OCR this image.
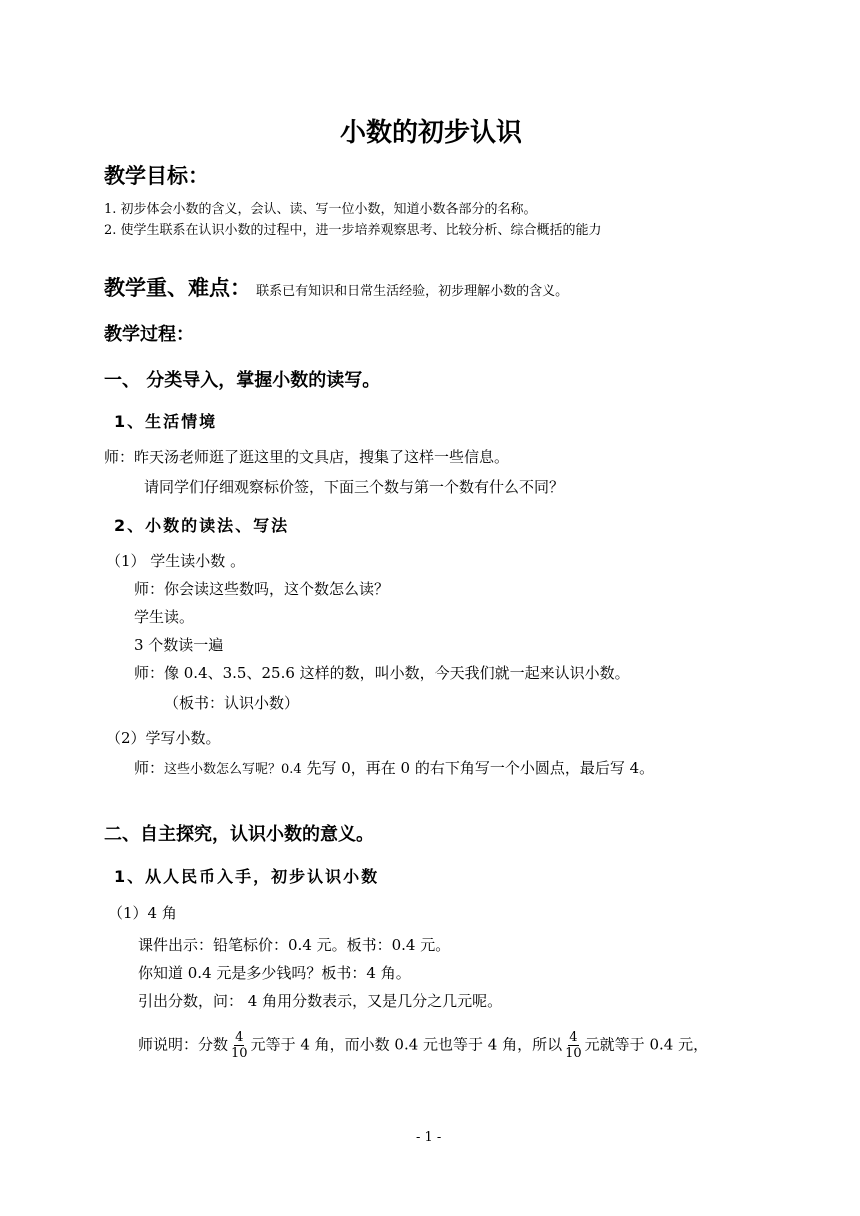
小数的初步认识
教学目标：
1. 初步体会小数的含义，会认、读、写一位小数，知道小数各部分的名称。
2. 使学生联系在认识小数的过程中，进一步培养观察思考、比较分析、综合概括的能力
教学重、难点： 联系已有知识和日常生活经验，初步理解小数的含义。
教学过程：
一、 分类导入，掌握小数的读写。
1、生活情境
师：昨天汤老师逛了逛这里的文具店，搜集了这样一些信息。
请同学们仔细观察标价签，下面三个数与第一个数有什么不同？
2、小数的读法、写法
（1） 学生读小数 。
师：你会读这些数吗，这个数怎么读？
学生读。
3 个数读一遍
师：像 0.4、3.5、25.6 这样的数，叫小数，今天我们就一起来认识小数。
（板书：认识小数）
（2）学写小数。
师：这些小数怎么写呢？0.4 先写 0，再在 0 的右下角写一个小圆点，最后写 4。
二、自主探究，认识小数的意义。
1、从人民币入手，初步认识小数
（1）4 角
课件出示：铅笔标价：0.4 元。板书：0.4 元。
你知道 0.4 元是多少钱吗？板书：4 角。
引出分数，问： 4 角用分数表示，又是几分之几元呢。
师说明：分数 $\frac{4}{10}$ 元等于 4 角，而小数 0.4 元也等于 4 角，所以 $\frac{4}{10}$ 元就等于 0.4 元，
- 1 -
